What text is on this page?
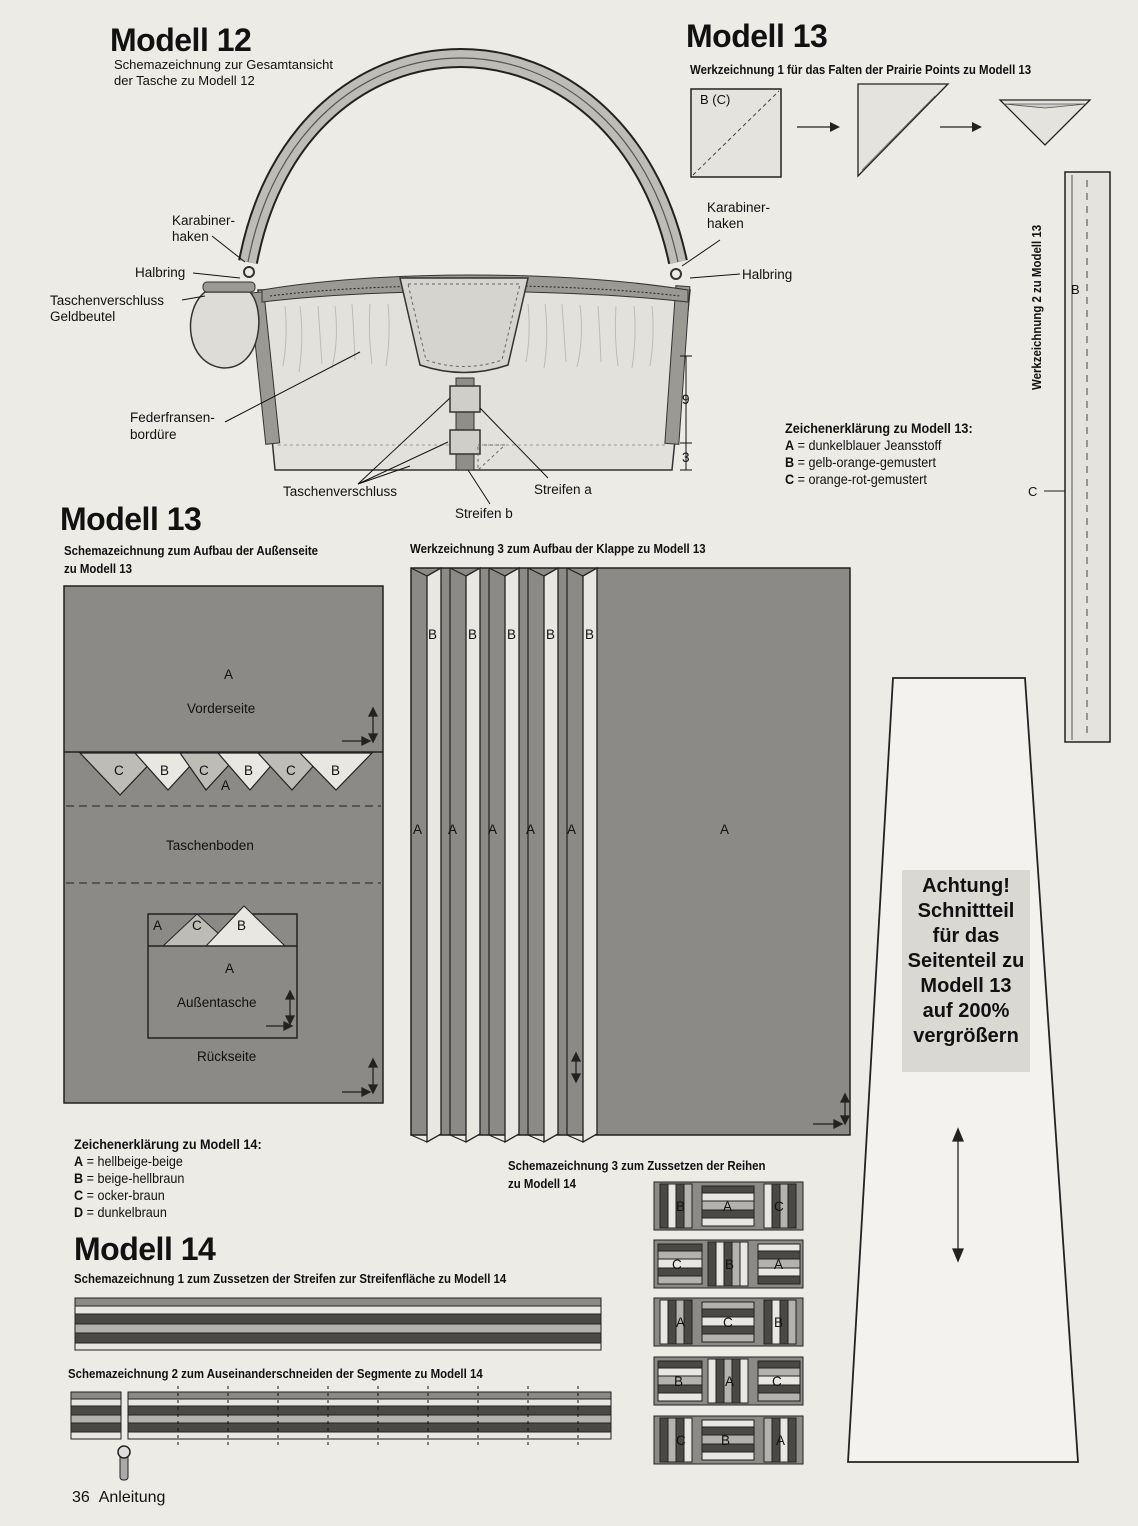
Modell 12
Schemazeichnung zur Gesamtansicht
der Tasche zu Modell 12
Karabiner-
haken
Halbring
Taschenverschluss
Geldbeutel
Federfransen-
bordüre
Taschenverschluss	Streifen a
Streifen b
Karabiner-
haken
Halbring
9
3
Modell 13
Werkzeichnung 1 für das Falten der Prairie Points zu Modell 13
B (C)
Werkzeichnung 2 zu Modell 13 B
C
Zeichenerklärung zu Modell 13:
A = dunkelblauer Jeansstoff
B = gelb-orange-gemustert
C = orange-rot-gemustert
Modell 13
Schemazeichnung zum Aufbau der Außenseite
zu Modell 13
Werkzeichnung 3 zum Aufbau der Klappe zu Modell 13
A
Vorderseite
C	B C	B C	B
A
Taschenboden
A C	B
A
Außentasche
Rückseite
B B B B B
A A A A A	A
Achtung!
Schnittteil
für das
Seitenteil zu
Modell 13
auf 200%
vergrößern
Zeichenerklärung zu Modell 14:
A = hellbeige-beige
B = beige-hellbraun
C = ocker-braun
D = dunkelbraun
Modell 14
Schemazeichnung 1 zum Zussetzen der Streifen zur Streifenfläche zu Modell 14
Schemazeichnung 2 zum Auseinanderschneiden der Segmente zu Modell 14
Schemazeichnung 3 zum Zussetzen der Reihen
zu Modell 14
B	A	C
C	B	A
A	C	B
B	A	C
C	B	A
36 Anleitung
